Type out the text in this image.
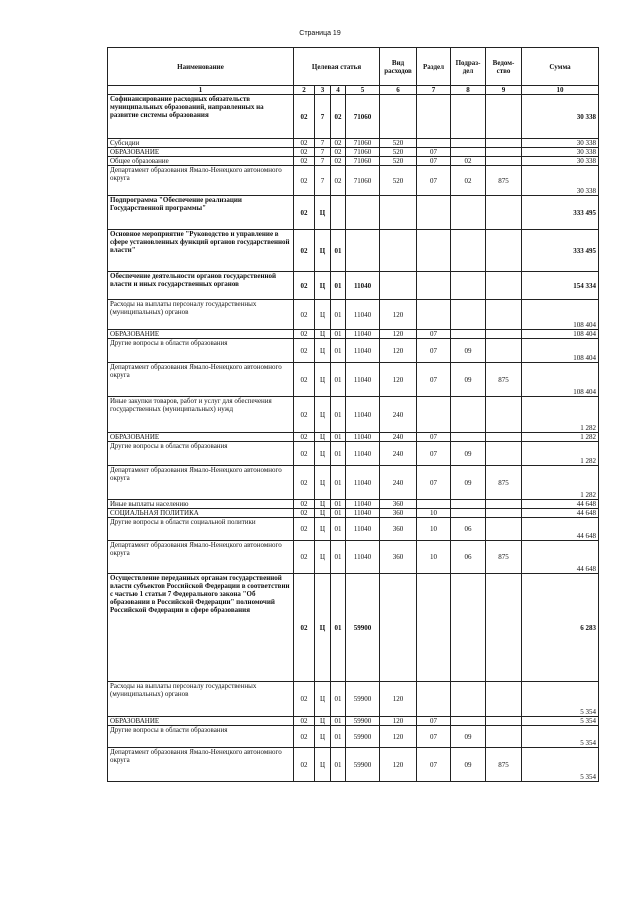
Страница 19
Наименование	Целевая статья				Вид расходов	Раздел	Подраз-дел	Ведом-ство	Сумма
1	2	3	4	5	6	7	8	9	10
Софинансирование расходных обязательств муниципальных образований, направленных на развитие системы образования	02	7	02	71060					30 338
Субсидии	02	7	02	71060	520				30 338
ОБРАЗОВАНИЕ	02	7	02	71060	520	07			30 338
Общее образование	02	7	02	71060	520	07	02		30 338
Департамент образования Ямало-Ненецкого автономного округа	02	7	02	71060	520	07	02	875	30 338
Подпрограмма "Обеспечение реализации Государственной программы"	02	Ц							333 495
Основное мероприятие "Руководство и управление в сфере установленных функций органов государственной власти"	02	Ц	01						333 495
Обеспечение деятельности органов государственной власти и иных государственных органов	02	Ц	01	11040					154 334
Расходы на выплаты персоналу государственных (муниципальных) органов	02	Ц	01	11040	120				108 404
ОБРАЗОВАНИЕ	02	Ц	01	11040	120	07			108 404
Другие вопросы в области образования	02	Ц	01	11040	120	07	09		108 404
Департамент образования Ямало-Ненецкого автономного округа	02	Ц	01	11040	120	07	09	875	108 404
Иные закупки товаров, работ и услуг для обеспечения государственных (муниципальных) нужд	02	Ц	01	11040	240				1 282
ОБРАЗОВАНИЕ	02	Ц	01	11040	240	07			1 282
Другие вопросы в области образования	02	Ц	01	11040	240	07	09		1 282
Департамент образования Ямало-Ненецкого автономного округа	02	Ц	01	11040	240	07	09	875	1 282
Иные выплаты населению	02	Ц	01	11040	360				44 648
СОЦИАЛЬНАЯ ПОЛИТИКА	02	Ц	01	11040	360	10			44 648
Другие вопросы в области социальной политики	02	Ц	01	11040	360	10	06		44 648
Департамент образования Ямало-Ненецкого автономного округа	02	Ц	01	11040	360	10	06	875	44 648
Осуществление переданных органам государственной власти субъектов Российской Федерации в соответствии с частью 1 статьи 7 Федерального закона "Об образовании в Российской Федерации" полномочий Российской Федерации в сфере образования	02	Ц	01	59900					6 283
Расходы на выплаты персоналу государственных (муниципальных) органов	02	Ц	01	59900	120				5 354
ОБРАЗОВАНИЕ	02	Ц	01	59900	120	07			5 354
Другие вопросы в области образования	02	Ц	01	59900	120	07	09		5 354
Департамент образования Ямало-Ненецкого автономного округа	02	Ц	01	59900	120	07	09	875	5 354
